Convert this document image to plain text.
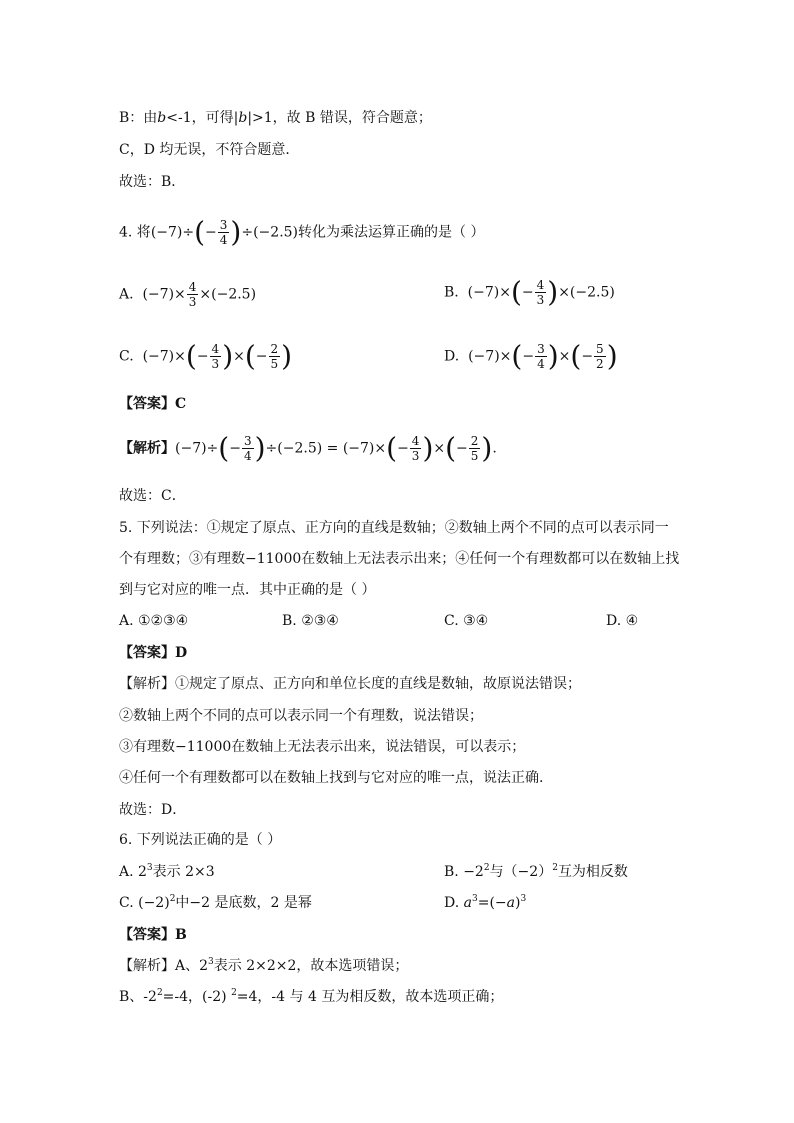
B：由b<-1，可得|b|>1，故 B 错误，符合题意；
C，D 均无误，不符合题意．
故选：B．
4. 将$(-7)\div(- \frac{3}{4} )\div(-2.5)$转化为乘法运算正确的是（ ）
A. $(-7)\times \frac{4}{3} \times(-2.5)$	B. $(-7)\times(- \frac{4}{3} )\times(-2.5)$
C. $(-7)\times(- \frac{4}{3}$ )×(− $\frac{2}{5}$ )	D. $(-7)\times(- \frac{3}{4}$ )×(− $\frac{5}{2}$ )
【答案】C
【解析】$(-7)\div(- \frac{3}{4} )\div(-2.5) = (-7)\times(- \frac{4}{3}$ )×(− $\frac{2}{5}$ ).
故选：C．
5. 下列说法：①规定了原点、正方向的直线是数轴；②数轴上两个不同的点可以表示同一
个有理数；③有理数−11000在数轴上无法表示出来；④任何一个有理数都可以在数轴上找
到与它对应的唯一点．其中正确的是（ ）
A. ①②③④	B. ②③④	C. ③④	D. ④
【答案】D
【解析】①规定了原点、正方向和单位长度的直线是数轴，故原说法错误；
②数轴上两个不同的点可以表示同一个有理数，说法错误；
③有理数−11000在数轴上无法表示出来，说法错误，可以表示；
④任何一个有理数都可以在数轴上找到与它对应的唯一点，说法正确.
故选：D．
6. 下列说法正确的是（ ）
A. $2^3$表示 2×3	B. $-2^2$与$(-2)^2$互为相反数
C. $(-2)^2$中−2 是底数，2 是幂	D. $a^3=(-a)^3$
【答案】B
【解析】A、$2^3$表示 2×2×2，故本选项错误；
B、$-2^2=-4$，(-2) $^2$=4，-4 与 4 互为相反数，故本选项正确；
